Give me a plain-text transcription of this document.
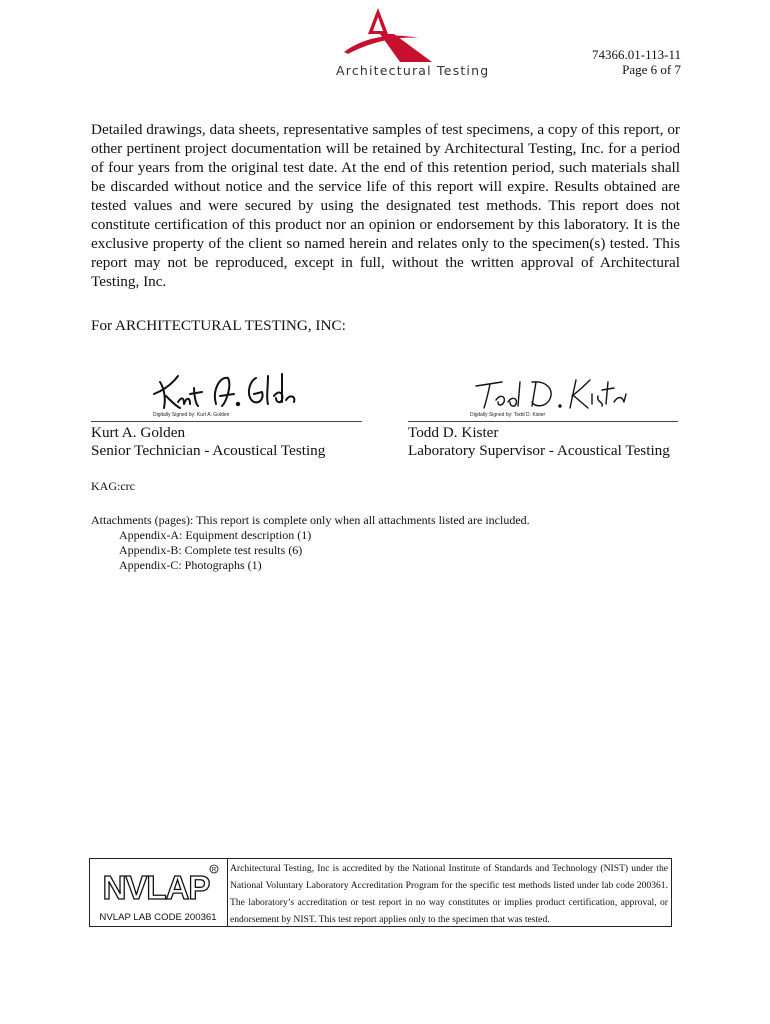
Architectural Testing
74366.01-113-11
Page 6 of 7

Detailed drawings, data sheets, representative samples of test specimens, a copy of this report, or other pertinent project documentation will be retained by Architectural Testing, Inc. for a period of four years from the original test date. At the end of this retention period, such materials shall be discarded without notice and the service life of this report will expire. Results obtained are tested values and were secured by using the designated test methods. This report does not constitute certification of this product nor an opinion or endorsement by this laboratory. It is the exclusive property of the client so named herein and relates only to the specimen(s) tested. This report may not be reproduced, except in full, without the written approval of Architectural Testing, Inc.

For ARCHITECTURAL TESTING, INC:
Digitally Signed by: Kurt A. Golden
Kurt A. Golden
Senior Technician - Acoustical Testing
Digitally Signed by: Todd D. Kister
Todd D. Kister
Laboratory Supervisor - Acoustical Testing
KAG:crc
Attachments (pages): This report is complete only when all attachments listed are included.
Appendix-A: Equipment description (1)
Appendix-B: Complete test results (6)
Appendix-C: Photographs (1)
NVLAP R
NVLAP LAB CODE 200361

Architectural Testing, Inc is accredited by the National Institute of Standards and Technology (NIST) under the National Voluntary Laboratory Accreditation Program for the specific test methods listed under lab code 200361. The laboratory’s accreditation or test report in no way constitutes or implies product certification, approval, or endorsement by NIST. This test report applies only to the specimen that was tested.
